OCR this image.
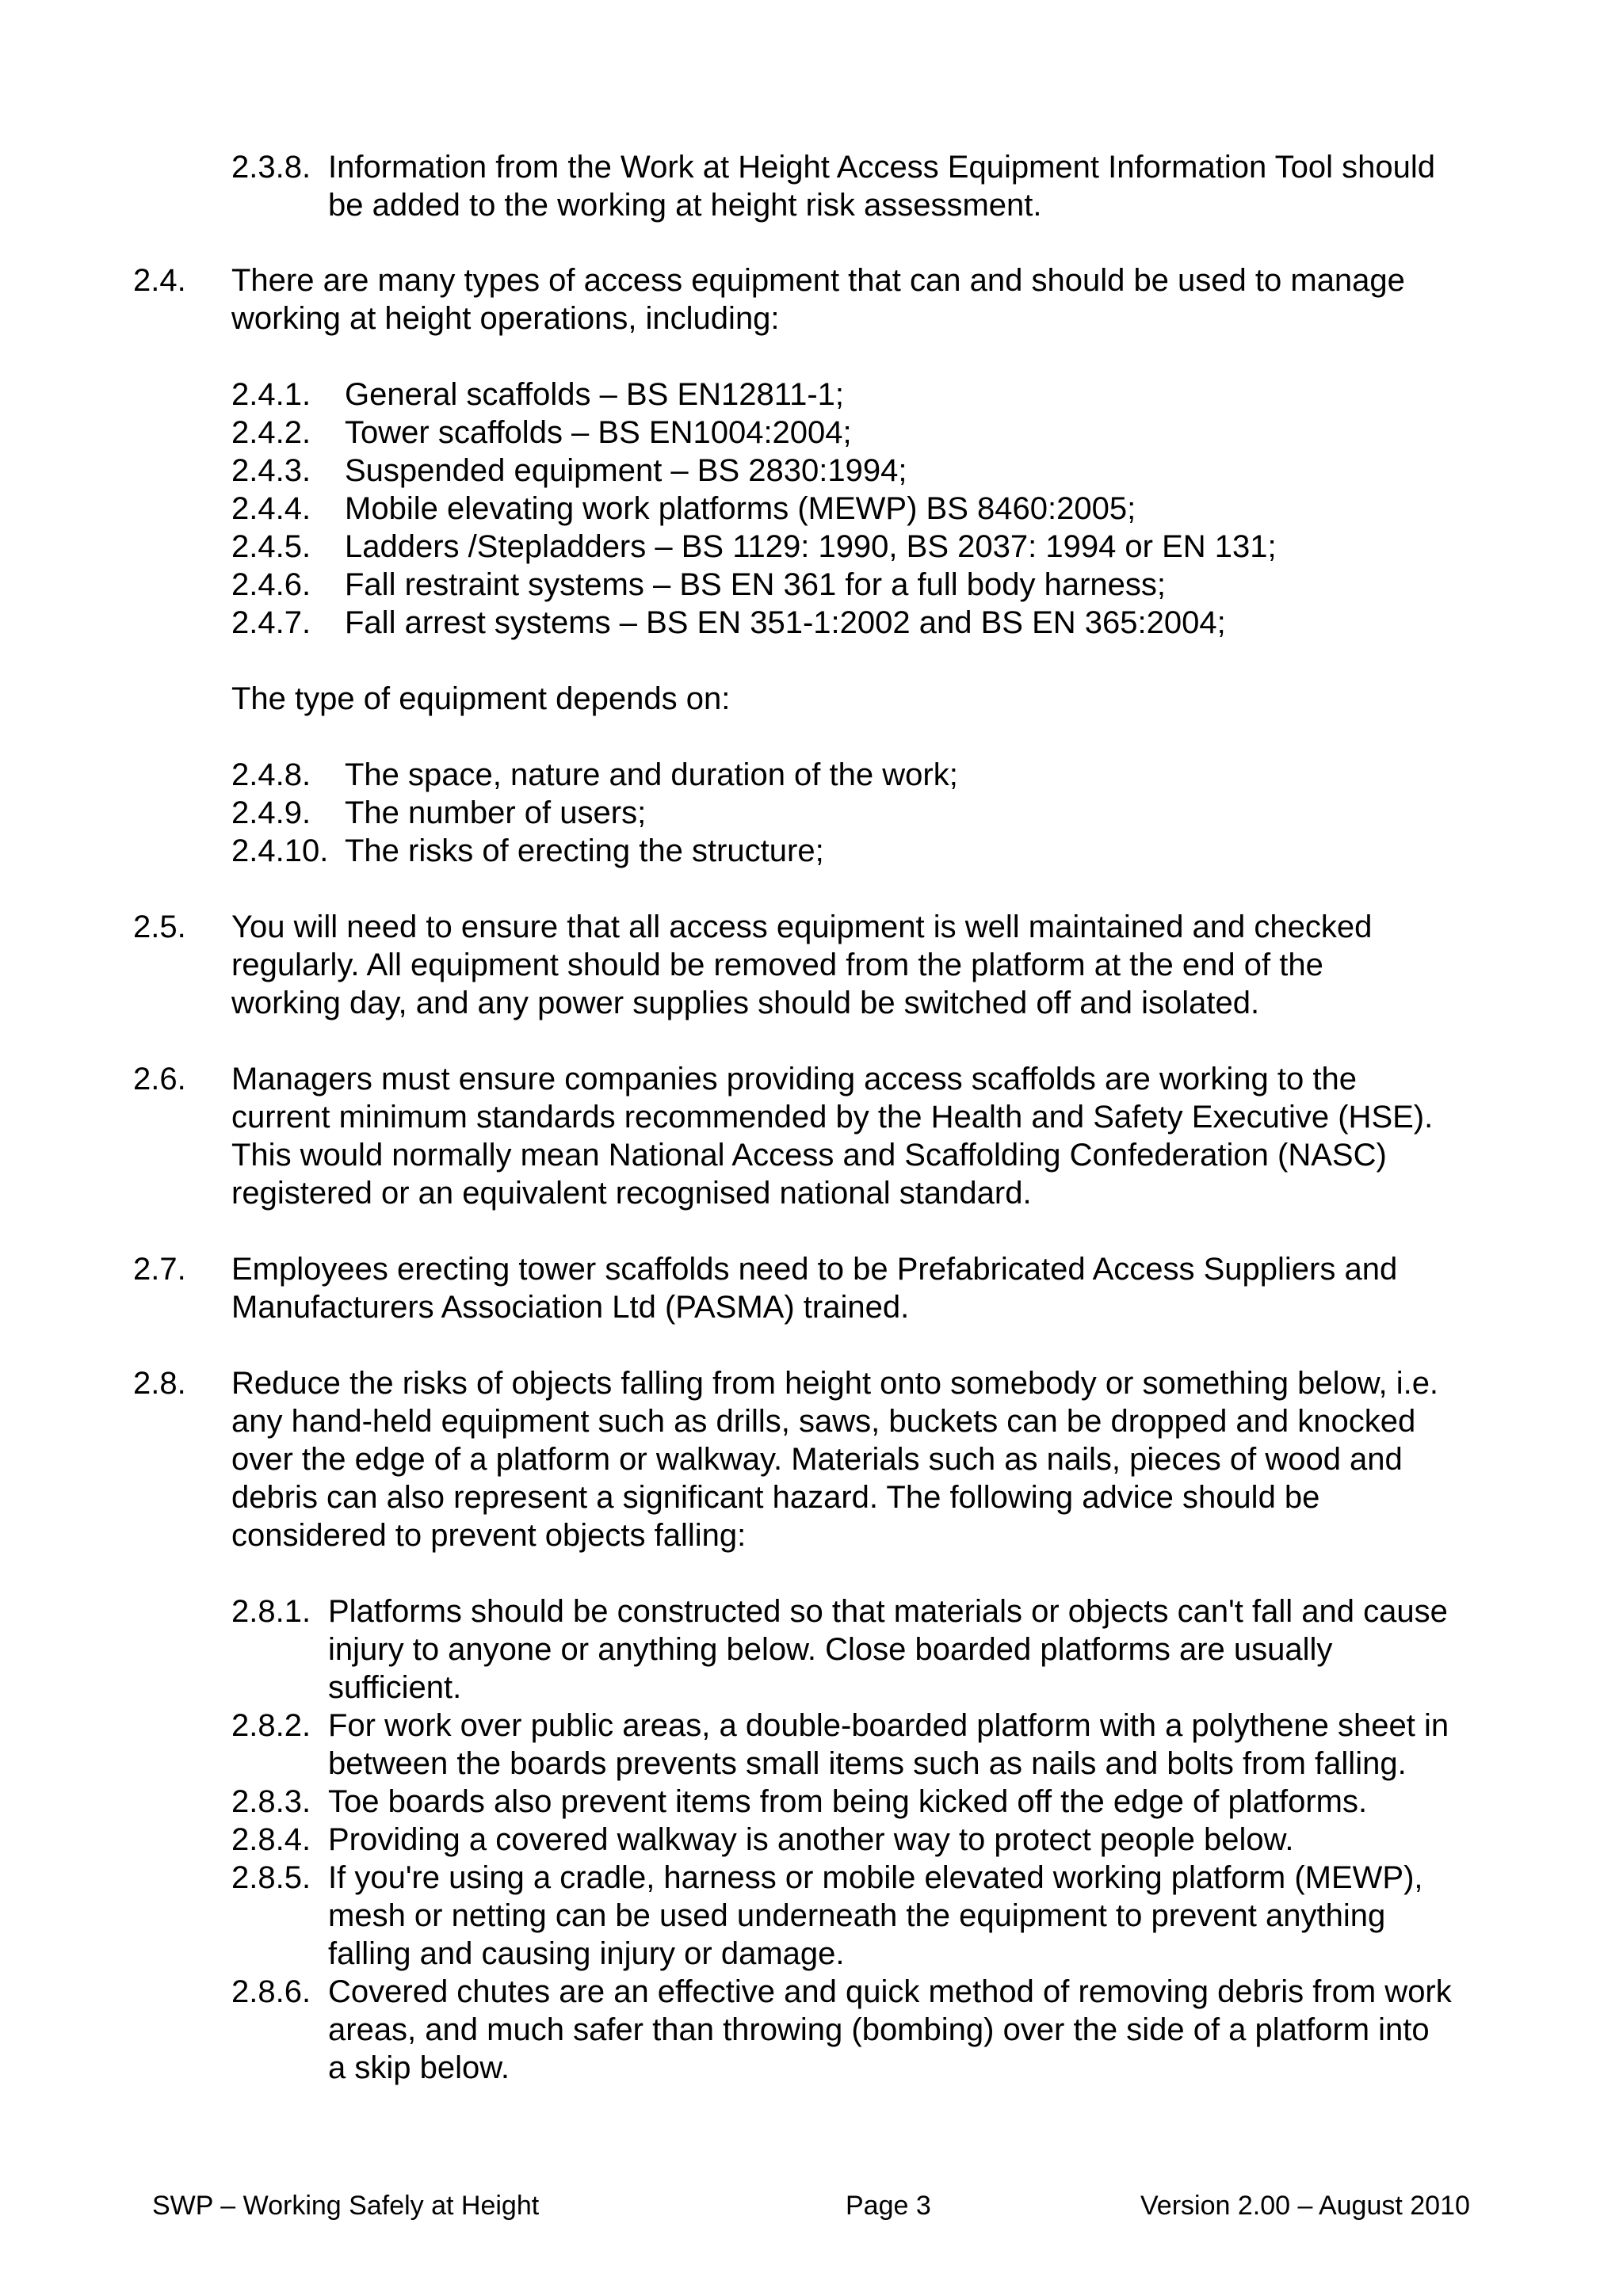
2.3.8. Information from the Work at Height Access Equipment Information Tool should
be added to the working at height risk assessment.
2.4. There are many types of access equipment that can and should be used to manage
working at height operations, including:
2.4.1. General scaffolds – BS EN12811-1;
2.4.2. Tower scaffolds – BS EN1004:2004;
2.4.3. Suspended equipment – BS 2830:1994;
2.4.4. Mobile elevating work platforms (MEWP) BS 8460:2005;
2.4.5. Ladders /Stepladders – BS 1129: 1990, BS 2037: 1994 or EN 131;
2.4.6. Fall restraint systems – BS EN 361 for a full body harness;
2.4.7. Fall arrest systems – BS EN 351-1:2002 and BS EN 365:2004;
The type of equipment depends on:
2.4.8. The space, nature and duration of the work;
2.4.9. The number of users;
2.4.10. The risks of erecting the structure;
2.5. You will need to ensure that all access equipment is well maintained and checked
regularly. All equipment should be removed from the platform at the end of the
working day, and any power supplies should be switched off and isolated.
2.6. Managers must ensure companies providing access scaffolds are working to the
current minimum standards recommended by the Health and Safety Executive (HSE).
This would normally mean National Access and Scaffolding Confederation (NASC)
registered or an equivalent recognised national standard.
2.7. Employees erecting tower scaffolds need to be Prefabricated Access Suppliers and
Manufacturers Association Ltd (PASMA) trained.
2.8. Reduce the risks of objects falling from height onto somebody or something below, i.e.
any hand-held equipment such as drills, saws, buckets can be dropped and knocked
over the edge of a platform or walkway. Materials such as nails, pieces of wood and
debris can also represent a significant hazard. The following advice should be
considered to prevent objects falling:
2.8.1. Platforms should be constructed so that materials or objects can't fall and cause
injury to anyone or anything below. Close boarded platforms are usually
sufficient.
2.8.2. For work over public areas, a double-boarded platform with a polythene sheet in
between the boards prevents small items such as nails and bolts from falling.
2.8.3. Toe boards also prevent items from being kicked off the edge of platforms.
2.8.4. Providing a covered walkway is another way to protect people below.
2.8.5. If you're using a cradle, harness or mobile elevated working platform (MEWP),
mesh or netting can be used underneath the equipment to prevent anything
falling and causing injury or damage.
2.8.6. Covered chutes are an effective and quick method of removing debris from work
areas, and much safer than throwing (bombing) over the side of a platform into
a skip below.
SWP – Working Safely at Height	Page 3	Version 2.00 – August 2010
